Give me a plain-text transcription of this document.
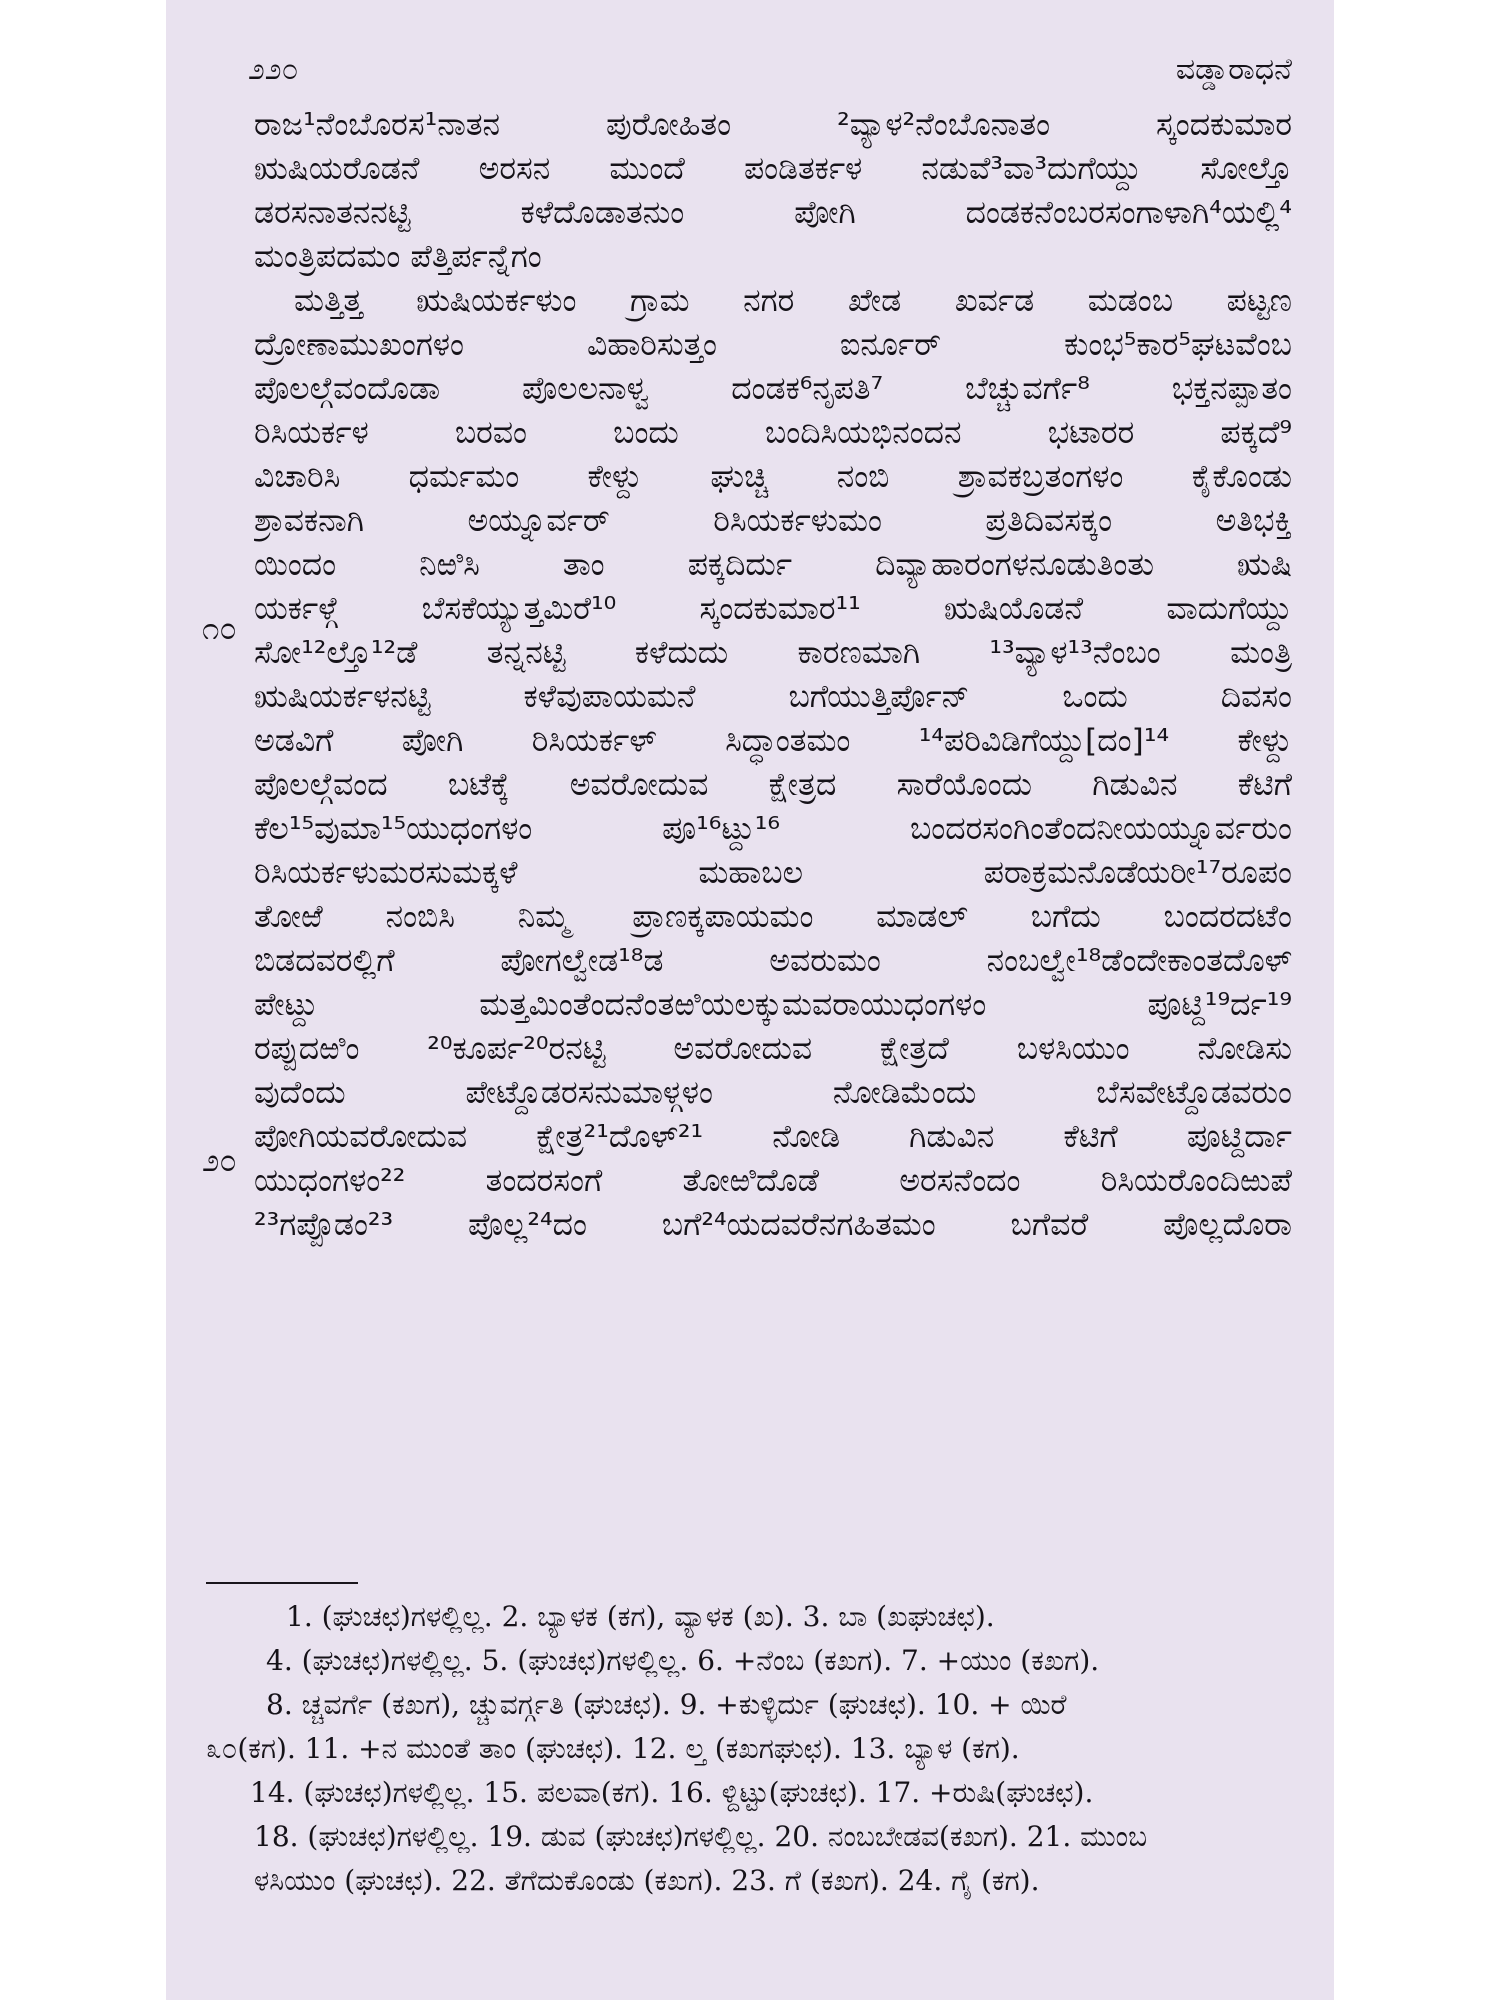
೨೨೦	ವಡ್ಡಾರಾಧನೆ
೧೦
೨೦
ರಾಜ¹ನೆಂಬೊರಸ¹ನಾತನ ಪುರೋಹಿತಂ ²ವ್ಯಾಳ²ನೆಂಬೊನಾತಂ ಸ್ಕಂದಕುಮಾರ
ಋಷಿಯರೊಡನೆ ಅರಸನ ಮುಂದೆ ಪಂಡಿತರ್ಕಳ ನಡುವೆ³ವಾ³ದುಗೆಯ್ದು ಸೋಲ್ತೊ
ಡರಸನಾತನನಟ್ಟಿ ಕಳೆದೊಡಾತನುಂ ಪೋಗಿ ದಂಡಕನೆಂಬರಸಂಗಾಳಾಗಿ⁴ಯಲ್ಲಿ⁴
ಮಂತ್ರಿಪದಮಂ ಪೆತ್ತಿರ್ಪನ್ನೆಗಂ
ಮತ್ತಿತ್ತ ಋಷಿಯರ್ಕಳುಂ ಗ್ರಾಮ ನಗರ ಖೇಡ ಖರ್ವಡ ಮಡಂಬ ಪಟ್ಟಣ
ದ್ರೋಣಾಮುಖಂಗಳಂ ವಿಹಾರಿಸುತ್ತಂ ಐರ್ನೂರ್ ಕುಂಭ⁵ಕಾರ⁵ಘಟವೆಂಬ
ಪೊಲಲ್ಗೆವಂದೊಡಾ ಪೊಲಲನಾಳ್ವ ದಂಡಕ⁶ನೃಪತಿ⁷ ಬೆಚ್ಚುವರ್ಗೆ⁸ ಭಕ್ತನಪ್ಪಾತಂ
ರಿಸಿಯರ್ಕಳ ಬರವಂ ಬಂದು ಬಂದಿಸಿಯಭಿನಂದನ ಭಟಾರರ ಪಕ್ಕದೆ⁹
ವಿಚಾರಿಸಿ ಧರ್ಮಮಂ ಕೇಳ್ದು ಘುಚ್ಚಿ ನಂಬಿ ಶ್ರಾವಕಬ್ರತಂಗಳಂ ಕೈಕೊಂಡು
ಶ್ರಾವಕನಾಗಿ ಅಯ್ನೂರ್ವರ್ ರಿಸಿಯರ್ಕಳುಮಂ ಪ್ರತಿದಿವಸಕ್ಕಂ ಅತಿಭಕ್ತಿ
ಯಿಂದಂ ನಿಱಿಸಿ ತಾಂ ಪಕ್ಕದಿರ್ದು ದಿವ್ಯಾಹಾರಂಗಳನೂಡುತಿಂತು ಋಷಿ
ಯರ್ಕಳ್ಗೆ ಬೆಸಕೆಯ್ಯುತ್ತಮಿರೆ¹⁰ ಸ್ಕಂದಕುಮಾರ¹¹ ಋಷಿಯೊಡನೆ ವಾದುಗೆಯ್ದು
ಸೋ¹²ಲ್ತೊ¹²ಡೆ ತನ್ನನಟ್ಟಿ ಕಳೆದುದು ಕಾರಣಮಾಗಿ ¹³ವ್ಯಾಳ¹³ನೆಂಬಂ ಮಂತ್ರಿ
ಋಷಿಯರ್ಕಳನಟ್ಟಿ ಕಳೆವುಪಾಯಮನೆ ಬಗೆಯುತ್ತಿರ್ಪೊನ್ ಒಂದು ದಿವಸಂ
ಅಡವಿಗೆ ಪೋಗಿ ರಿಸಿಯರ್ಕಳ್ ಸಿದ್ಧಾಂತಮಂ ¹⁴ಪರಿವಿಡಿಗೆಯ್ದು[ದಂ]¹⁴ ಕೇಳ್ದು
ಪೊಲಲ್ಗೆವಂದ ಬಟೆಕ್ಕೆ ಅವರೋದುವ ಕ್ಷೇತ್ರದ ಸಾರೆಯೊಂದು ಗಿಡುವಿನ ಕೆಟಿಗೆ
ಕೆಲ¹⁵ವುಮಾ¹⁵ಯುಧಂಗಳಂ ಪೂ¹⁶ಟ್ದು¹⁶ ಬಂದರಸಂಗಿಂತೆಂದನೀಯಯ್ನೂರ್ವರುಂ
ರಿಸಿಯರ್ಕಳುಮರಸುಮಕ್ಕಳೆ ಮಹಾಬಲ ಪರಾಕ್ರಮನೊಡೆಯರೀ¹⁷ರೂಪಂ
ತೋಱೆ ನಂಬಿಸಿ ನಿಮ್ಮ ಪ್ರಾಣಕ್ಕಪಾಯಮಂ ಮಾಡಲ್ ಬಗೆದು ಬಂದರದಟೆಂ
ಬಿಡದವರಲ್ಲಿಗೆ ಪೋಗಲ್ವೇಡ¹⁸ಡ ಅವರುಮಂ ನಂಬಲ್ವೇ¹⁸ಡೆಂದೇಕಾಂತದೊಳ್
ಪೇಟ್ದು ಮತ್ತಮಿಂತೆಂದನೆಂತಱಿಯಲಕ್ಕುಮವರಾಯುಧಂಗಳಂ ಪೂಟ್ದಿ¹⁹ರ್ದ¹⁹
ರಪ್ಪುದಱಿಂ ²⁰ಕೂರ್ಪ²⁰ರನಟ್ಟಿ ಅವರೋದುವ ಕ್ಷೇತ್ರದೆ ಬಳಸಿಯುಂ ನೋಡಿಸು
ವುದೆಂದು ಪೇಟ್ದೊಡರಸನುಮಾಳ್ಗಳಂ ನೋಡಿಮೆಂದು ಬೆಸವೇಟ್ದೊಡವರುಂ
ಪೋಗಿಯವರೋದುವ ಕ್ಷೇತ್ರ²¹ದೊಳ್²¹ ನೋಡಿ ಗಿಡುವಿನ ಕೆಟಿಗೆ ಪೂಟ್ದಿರ್ದಾ
ಯುಧಂಗಳಂ²² ತಂದರಸಂಗೆ ತೋಱಿದೊಡೆ ಅರಸನೆಂದಂ ರಿಸಿಯರೊಂದಿಱುಪೆ
²³ಗಪ್ಪೊಡಂ²³ ಪೊಲ್ಲ²⁴ದಂ ಬಗೆ²⁴ಯದವರೆನಗಹಿತಮಂ ಬಗೆವರೆ ಪೊಲ್ಲದೊರಾ
1. (ಘುಚಛ)ಗಳಲ್ಲಿಲ್ಲ. 2. ಬ್ಯಾಳಕ (ಕಗ), ವ್ಯಾಳಕ (ಖ). 3. ಬಾ (ಖಘುಚಛ).
4. (ಘುಚಛ)ಗಳಲ್ಲಿಲ್ಲ. 5. (ಘುಚಛ)ಗಳಲ್ಲಿಲ್ಲ. 6. +ನೆಂಬ (ಕಖಗ). 7. +ಯುಂ (ಕಖಗ).
8. ಚ್ಚವರ್ಗೆ (ಕಖಗ), ಚ್ಚುವರ್ಗ್ಗತಿ (ಘುಚಛ). 9. +ಕುಳ್ಳಿರ್ದು (ಘುಚಛ). 10. + ಯಿರೆ
೩೦(ಕಗ). 11. +ನ ಮುಂತೆ ತಾಂ (ಘುಚಛ). 12. ಲ್ತ (ಕಖಗಘುಛ). 13. ಬ್ಯಾಳ (ಕಗ).
14. (ಘುಚಛ)ಗಳಲ್ಲಿಲ್ಲ. 15. ಪಲವಾ(ಕಗ). 16. ಳ್ದಿಟ್ಟು(ಘುಚಛ). 17. +ರುಷಿ(ಘುಚಛ).
18. (ಘುಚಛ)ಗಳಲ್ಲಿಲ್ಲ. 19. ಡುವ (ಘುಚಛ)ಗಳಲ್ಲಿಲ್ಲ. 20. ನಂಬಬೇಡವ(ಕಖಗ). 21. ಮುಂಬ
ಳಸಿಯುಂ (ಘುಚಛ). 22. ತೆಗೆದುಕೊಂಡು (ಕಖಗ). 23. ಗೆ (ಕಖಗ). 24. ಗೈ (ಕಗ).
